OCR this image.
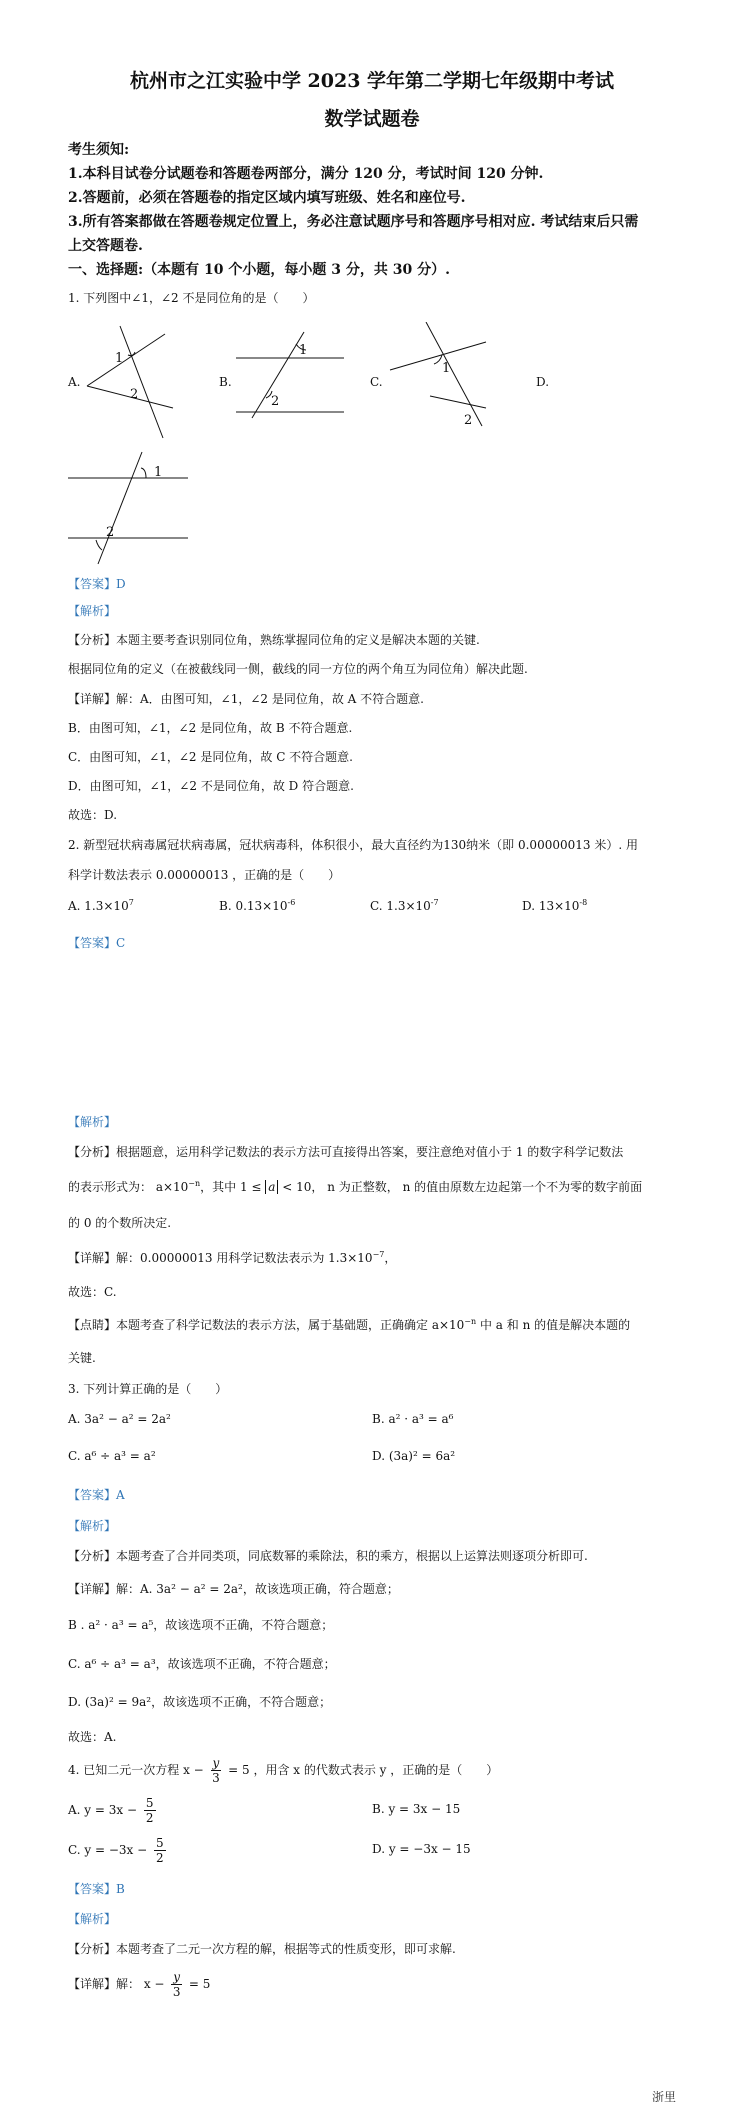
杭州市之江实验中学 2023 学年第二学期七年级期中考试
数学试题卷
考生须知:
1.本科目试卷分试题卷和答题卷两部分，满分 120 分，考试时间 120 分钟.
2.答题前，必须在答题卷的指定区域内填写班级、姓名和座位号.
3.所有答案都做在答题卷规定位置上，务必注意试题序号和答题序号相对应. 考试结束后只需
上交答题卷.
一、选择题:（本题有 10 个小题，每小题 3 分，共 30 分）.
1. 下列图中∠1，∠2 不是同位角的是（　　）
A.
1
2
B.
1
2
C.
1
2
D.
1
2
【答案】D
【解析】
【分析】本题主要考查识别同位角，熟练掌握同位角的定义是解决本题的关键.
根据同位角的定义（在被截线同一侧，截线的同一方位的两个角互为同位角）解决此题.
【详解】解：A．由图可知，∠1，∠2 是同位角，故 A 不符合题意.
B．由图可知，∠1，∠2 是同位角，故 B 不符合题意.
C．由图可知，∠1，∠2 是同位角，故 C 不符合题意.
D．由图可知，∠1，∠2 不是同位角，故 D 符合题意.
故选：D.
2. 新型冠状病毒属冠状病毒属，冠状病毒科，体积很小，最大直径约为130纳米（即 0.00000013 米）. 用
科学计数法表示 0.00000013 ，正确的是（　　）
A. $1.3\times 10^7$	B. $0.13\times 10^{-6}$	C. $1.3\times 10^{-7}$	D. $13\times 10^{-8}$
【答案】C
【解析】
【分析】根据题意，运用科学记数法的表示方法可直接得出答案，要注意绝对值小于 1 的数字科学记数法
的表示形式为： $a\times 10^{-n}$，其中 1 ≤ a < 10， n 为正整数， n 的值由原数左边起第一个不为零的数字前面
的 0 的个数所决定.
【详解】解：0.00000013 用科学记数法表示为 $1.3\times 10^{-7}$，
故选：C.
【点睛】本题考查了科学记数法的表示方法，属于基础题，正确确定 $a\times 10^{-n}$ 中 a 和 n 的值是解决本题的
关键.
3. 下列计算正确的是（　　）
A. 3a² − a² = 2a²	B. a² · a³ = a⁶
C. a⁶ ÷ a³ = a²	D. (3a)² = 6a²
【答案】A
【解析】
【分析】本题考查了合并同类项，同底数幂的乘除法，积的乘方，根据以上运算法则逐项分析即可.
【详解】解：A. 3a² − a² = 2a²，故该选项正确，符合题意；
B . a² · a³ = a⁵，故该选项不正确，不符合题意；
C. a⁶ ÷ a³ = a³，故该选项不正确，不符合题意；
D. (3a)² = 9a²，故该选项不正确，不符合题意；
故选：A.
4. 已知二元一次方程 $x - \frac{y}{3} = 5$ ，用含 x 的代数式表示 y ，正确的是（　　）
A. $y = 3x - \frac{5}{2}$	B. y = 3x − 15
C. $y = -3x - \frac{5}{2}$	D. y = −3x − 15
【答案】B
【解析】
【分析】本题考查了二元一次方程的解，根据等式的性质变形，即可求解.
【详解】解： $x - \frac{y}{3} = 5$
浙里
